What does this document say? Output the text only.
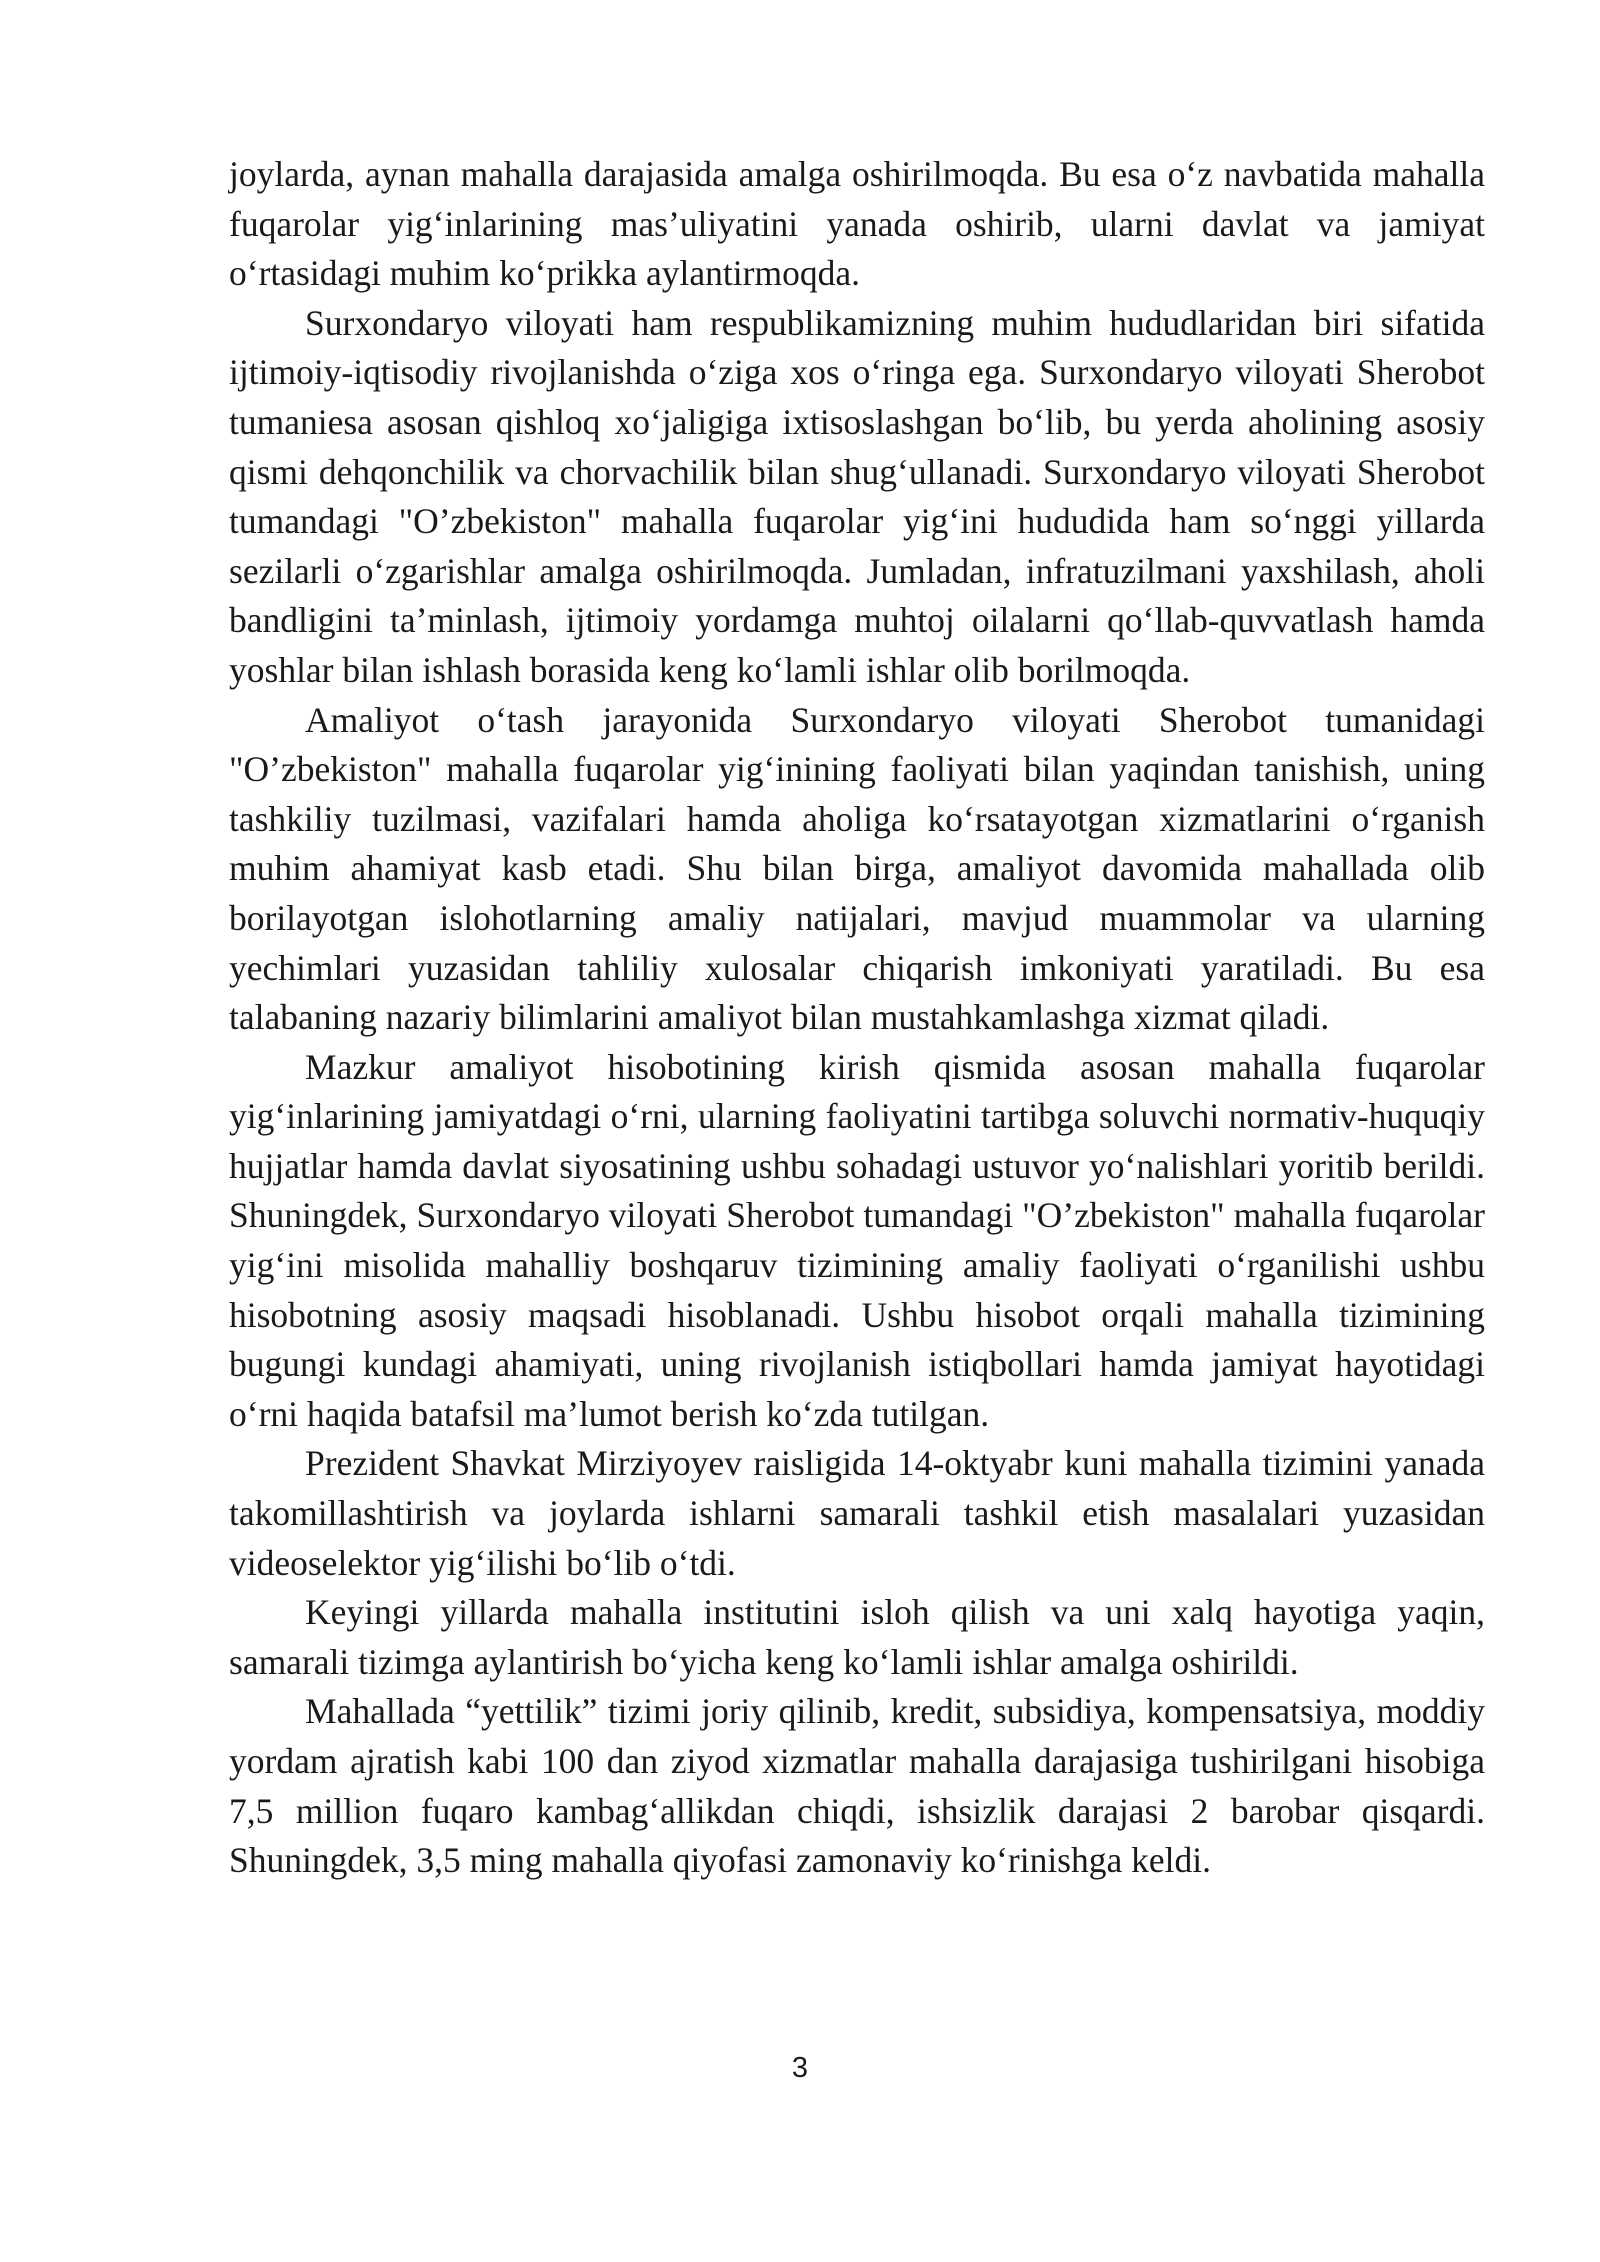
joylarda, aynan mahalla darajasida amalga oshirilmoqda. Bu esa o‘z navbatida mahalla fuqarolar yig‘inlarining mas’uliyatini yanada oshirib, ularni davlat va jamiyat o‘rtasidagi muhim ko‘prikka aylantirmoqda.

Surxondaryo viloyati ham respublikamizning muhim hududlaridan biri sifatida ijtimoiy-iqtisodiy rivojlanishda o‘ziga xos o‘ringa ega. Surxondaryo viloyati Sherobot tumaniesa asosan qishloq xo‘jaligiga ixtisoslashgan bo‘lib, bu yerda aholining asosiy qismi dehqonchilik va chorvachilik bilan shug‘ullanadi. Surxondaryo viloyati Sherobot tumandagi "O’zbekiston" mahalla fuqarolar yig‘ini hududida ham so‘nggi yillarda sezilarli o‘zgarishlar amalga oshirilmoqda. Jumladan, infratuzilmani yaxshilash, aholi bandligini ta’minlash, ijtimoiy yordamga muhtoj oilalarni qo‘llab-quvvatlash hamda yoshlar bilan ishlash borasida keng ko‘lamli ishlar olib borilmoqda.

Amaliyot o‘tash jarayonida Surxondaryo viloyati Sherobot tumanidagi "O’zbekiston" mahalla fuqarolar yig‘inining faoliyati bilan yaqindan tanishish, uning tashkiliy tuzilmasi, vazifalari hamda aholiga ko‘rsatayotgan xizmatlarini o‘rganish muhim ahamiyat kasb etadi. Shu bilan birga, amaliyot davomida mahallada olib borilayotgan islohotlarning amaliy natijalari, mavjud muammolar va ularning yechimlari yuzasidan tahliliy xulosalar chiqarish imkoniyati yaratiladi. Bu esa talabaning nazariy bilimlarini amaliyot bilan mustahkamlashga xizmat qiladi.

Mazkur amaliyot hisobotining kirish qismida asosan mahalla fuqarolar yig‘inlarining jamiyatdagi o‘rni, ularning faoliyatini tartibga soluvchi normativ-huquqiy hujjatlar hamda davlat siyosatining ushbu sohadagi ustuvor yo‘nalishlari yoritib berildi. Shuningdek, Surxondaryo viloyati Sherobot tumandagi "O’zbekiston" mahalla fuqarolar yig‘ini misolida mahalliy boshqaruv tizimining amaliy faoliyati o‘rganilishi ushbu hisobotning asosiy maqsadi hisoblanadi. Ushbu hisobot orqali mahalla tizimining bugungi kundagi ahamiyati, uning rivojlanish istiqbollari hamda jamiyat hayotidagi o‘rni haqida batafsil ma’lumot berish ko‘zda tutilgan.

Prezident Shavkat Mirziyoyev raisligida 14-oktyabr kuni mahalla tizimini yanada takomillashtirish va joylarda ishlarni samarali tashkil etish masalalari yuzasidan videoselektor yig‘ilishi bo‘lib o‘tdi.

Keyingi yillarda mahalla institutini isloh qilish va uni xalq hayotiga yaqin, samarali tizimga aylantirish bo‘yicha keng ko‘lamli ishlar amalga oshirildi.

Mahallada “yettilik” tizimi joriy qilinib, kredit, subsidiya, kompensatsiya, moddiy yordam ajratish kabi 100 dan ziyod xizmatlar mahalla darajasiga tushirilgani hisobiga 7,5 million fuqaro kambag‘allikdan chiqdi, ishsizlik darajasi 2 barobar qisqardi. Shuningdek, 3,5 ming mahalla qiyofasi zamonaviy ko‘rinishga keldi.

3
